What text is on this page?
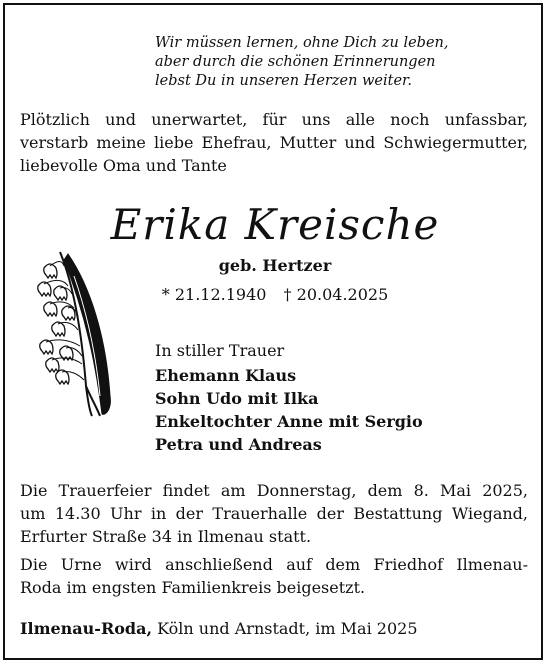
Wir müssen lernen, ohne Dich zu leben,
aber durch die schönen Erinnerungen
lebst Du in unseren Herzen weiter.
Plötzlich und unerwartet, für uns alle noch unfassbar,
verstarb meine liebe Ehefrau, Mutter und Schwiegermutter,
liebevolle Oma und Tante
Erika Kreische
geb. Hertzer
* 21.12.1940 † 20.04.2025
In stiller Trauer
Ehemann Klaus
Sohn Udo mit Ilka
Enkeltochter Anne mit Sergio
Petra und Andreas
Die Trauerfeier findet am Donnerstag, dem 8. Mai 2025,
um 14.30 Uhr in der Trauerhalle der Bestattung Wiegand,
Erfurter Straße 34 in Ilmenau statt.
Die Urne wird anschließend auf dem Friedhof Ilmenau-
Roda im engsten Familienkreis beigesetzt.
Ilmenau-Roda, Köln und Arnstadt, im Mai 2025
